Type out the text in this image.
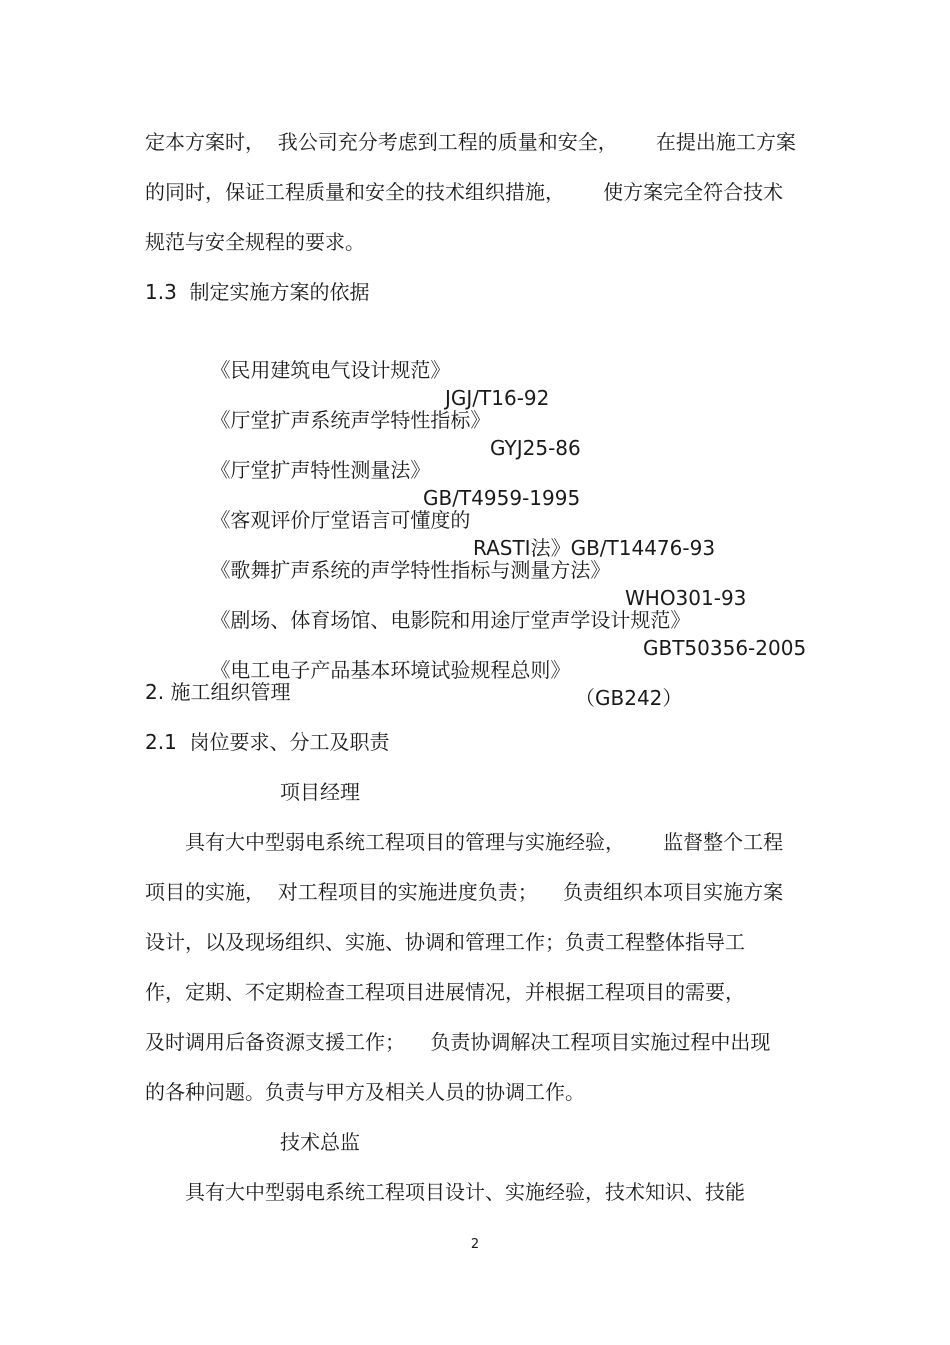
定本方案时，  我公司充分考虑到工程的质量和安全，      在提出施工方案
的同时，保证工程质量和安全的技术组织措施，      使方案完全符合技术
规范与安全规程的要求。
1.3  制定实施方案的依据

《民用建筑电气设计规范》

JGJ/T16-92

《厅堂扩声系统声学特性指标》

GYJ25-86

《厅堂扩声特性测量法》

GB/T4959-1995

《客观评价厅堂语言可懂度的

RASTI法》GB/T14476-93

《歌舞扩声系统的声学特性指标与测量方法》

WHO301-93

《剧场、体育场馆、电影院和用途厅堂声学设计规范》

GBT50356-2005

《电工电子产品基本环境试验规程总则》

（GB242）

2. 施工组织管理
2.1  岗位要求、分工及职责
项目经理
具有大中型弱电系统工程项目的管理与实施经验，      监督整个工程
项目的实施，  对工程项目的实施进度负责；    负责组织本项目实施方案
设计，以及现场组织、实施、协调和管理工作；负责工程整体指导工
作，定期、不定期检查工程项目进展情况，并根据工程项目的需要，
及时调用后备资源支援工作；    负责协调解决工程项目实施过程中出现
的各种问题。负责与甲方及相关人员的协调工作。
技术总监
具有大中型弱电系统工程项目设计、实施经验，技术知识、技能
2
